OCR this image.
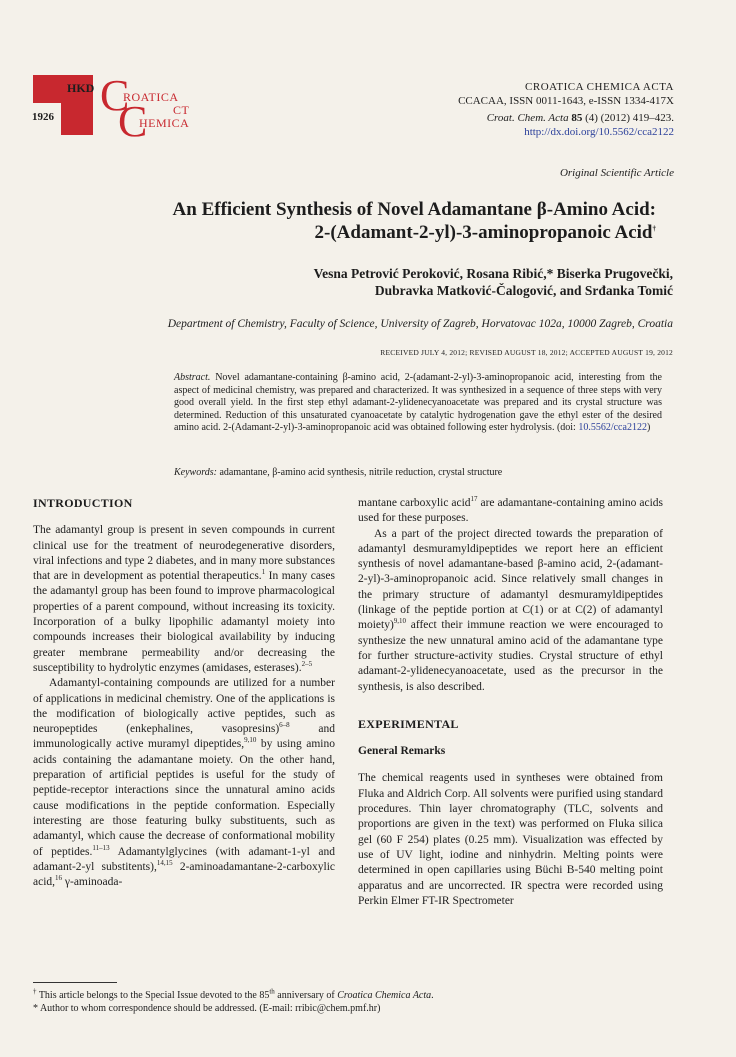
HKD
1926 C
ROATICA
CT
C
HEMICA
CROATICA CHEMICA ACTA
CCACAA, ISSN 0011-1643, e-ISSN 1334-417X
Croat. Chem. Acta 85 (4) (2012) 419–423.
http://dx.doi.org/10.5562/cca2122
Original Scientific Article
An Efficient Synthesis of Novel Adamantane β-Amino Acid:
2-(Adamant-2-yl)-3-aminopropanoic Acid†
Vesna Petrović Peroković, Rosana Ribić,* Biserka Prugovečki,
Dubravka Matković-Čalogović, and Srđanka Tomić
Department of Chemistry, Faculty of Science, University of Zagreb, Horvatovac 102a, 10000 Zagreb, Croatia
RECEIVED JULY 4, 2012; REVISED AUGUST 18, 2012; ACCEPTED AUGUST 19, 2012
Abstract. Novel adamantane-containing β-amino acid, 2-(adamant-2-yl)-3-aminopropanoic acid, interesting from the aspect of medicinal chemistry, was prepared and characterized. It was synthesized in a sequence of three steps with very good overall yield. In the first step ethyl adamant-2-ylidenecyanoacetate was prepared and its crystal structure was determined. Reduction of this unsaturated cyanoacetate by catalytic hydrogenation gave the ethyl ester of the desired amino acid. 2-(Adamant-2-yl)-3-aminopropanoic acid was obtained following ester hydrolysis. (doi: 10.5562/cca2122)
Keywords: adamantane, β-amino acid synthesis, nitrile reduction, crystal structure
INTRODUCTION

The adamantyl group is present in seven compounds in current clinical use for the treatment of neurodegenerative disorders, viral infections and type 2 diabetes, and in many more substances that are in development as potential therapeutics.$^1$ In many cases the adamantyl group has been found to improve pharmacological properties of a parent compound, without increasing its toxicity. Incorporation of a bulky lipophilic adamantyl moiety into compounds increases their biological availability by inducing greater membrane permeability and/or decreasing the susceptibility to hydrolytic enzymes (amidases, esterases).$^{2-5}$

Adamantyl-containing compounds are utilized for a number of applications in medicinal chemistry. One of the applications is the modification of biologically active peptides, such as neuropeptides (enkephalines, vasopresins)$^{6-8}$ and immunologically active muramyl dipeptides,$^{9,10}$ by using amino acids containing the adamantane moiety. On the other hand, preparation of artificial peptides is useful for the study of peptide-receptor interactions since the unnatural amino acids cause modifications in the peptide conformation. Especially interesting are those featuring bulky substituents, such as adamantyl, which cause the decrease of conformational mobility of peptides.$^{11-13}$ Adamantylglycines (with adamant-1-yl and adamant-2-yl substitents),$^{14,15}$ 2-aminoadamantane-2-carboxylic acid,$^{16}$ γ-aminoada-

mantane carboxylic acid$^{17}$ are adamantane-containing amino acids used for these purposes.

As a part of the project directed towards the preparation of adamantyl desmuramyldipeptides we report here an efficient synthesis of novel adamantane-based β-amino acid, 2-(adamant-2-yl)-3-aminopropanoic acid. Since relatively small changes in the primary structure of adamantyl desmuramyldipeptides (linkage of the peptide portion at C(1) or at C(2) of adamantyl moiety)$^{9,10}$ affect their immune reaction we were encouraged to synthesize the new unnatural amino acid of the adamantane type for further structure-activity studies. Crystal structure of ethyl adamant-2-ylidenecyanoacetate, used as the precursor in the synthesis, is also described.

EXPERIMENTAL
General Remarks

The chemical reagents used in syntheses were obtained from Fluka and Aldrich Corp. All solvents were purified using standard procedures. Thin layer chromatography (TLC, solvents and proportions are given in the text) was performed on Fluka silica gel (60 F 254) plates (0.25 mm). Visualization was effected by use of UV light, iodine and ninhydrin. Melting points were determined in open capillaries using Büchi B-540 melting point apparatus and are uncorrected. IR spectra were recorded using Perkin Elmer FT-IR Spectrometer

† This article belongs to the Special Issue devoted to the 85th anniversary of Croatica Chemica Acta.
* Author to whom correspondence should be addressed. (E-mail: rribic@chem.pmf.hr)
